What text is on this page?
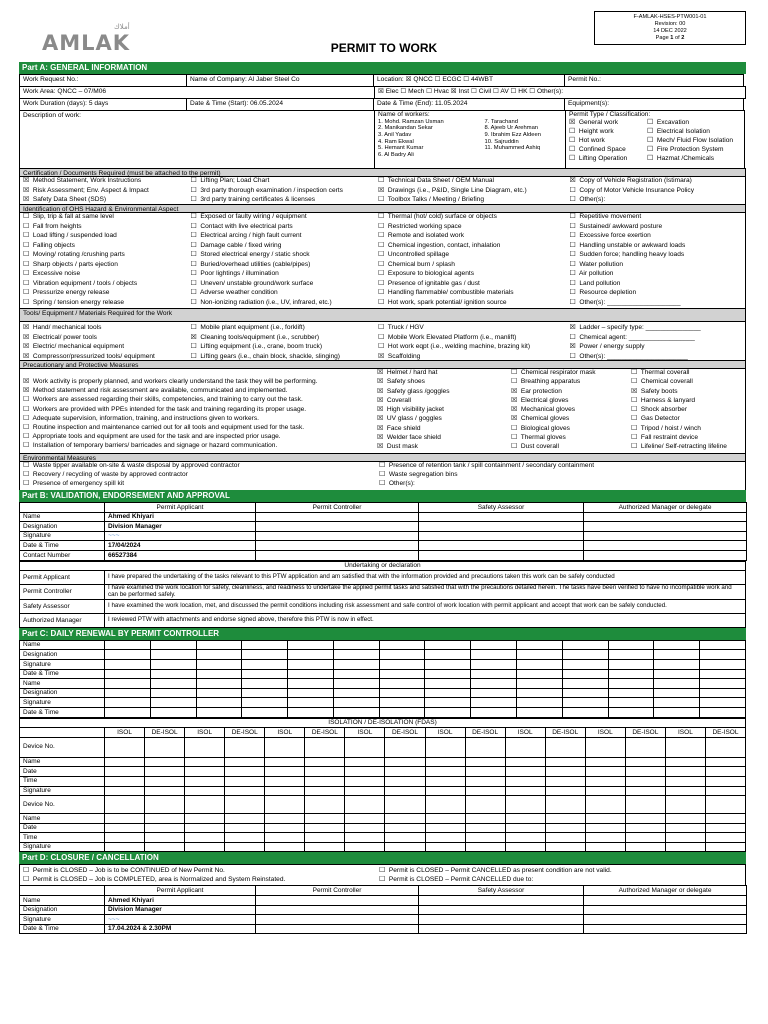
أملاك
AMLAK
F-AMLAK-HSES-PTW001-01
Revision: 00
14 DEC 2022
Page 1 of 2
PERMIT TO WORK
Part A: GENERAL INFORMATION
Work Request No.:	Name of Company: Al Jaber Steel Co	Location: ☒ QNCC ☐ ECGC ☐ 44WBT	Permit No.:
Work Area: QNCC – 07/M06	☒ Elec ☐ Mech ☐ Hvac ☒ Inst ☐ Civil ☐ AV ☐ HK ☐ Other(s):
Work Duration (days): 5 days	Date & Time (Start): 06.05.2024	Date & Time (End): 11.05.2024	Equipment(s):
Description of work:	Name of workers:
1. Mohd. Ramzan Usman
2. Manikandan Sekar
3. Anil Yadav
4. Ram Ekwal
5. Hemant Kumar
6. Al Badry Ali
7. Tarachand
8. Ajeeb Ur Arehman
9. Ibrahim Ezz Aldeen
10. Sajruddin
11. Muhammed Ashiq
Permit Type / Classification:
☒ General work
☐ Height work
☐ Hot work
☐ Confined Space
☐ Lifting Operation
☐ Excavation
☐ Electrical Isolation
☐ Mech/ Fluid Flow Isolation
☐ Fire Protection System
☐ Hazmat /Chemicals
Certification / Documents Required (must be attached to the permit)
☒ Method Statement, Work Instructions
☒ Risk Assessment; Env. Aspect & Impact
☒ Safety Data Sheet (SDS)
☐ Lifting Plan; Load Chart
☐ 3rd party thorough examination / inspection certs
☐ 3rd party training certificates & licenses
☐ Technical Data Sheet / OEM Manual
☒ Drawings (i.e., P&ID, Single Line Diagram, etc.)
☐ Toolbox Talks / Meeting / Briefing
☒ Copy of Vehicle Registration (Istimara)
☐ Copy of Motor Vehicle Insurance Policy
☐ Other(s):
Identification of OHS Hazard & Environmental Aspect
☐ Slip, trip & fall at same level
☐ Fall from heights
☐ Load lifting / suspended load
☐ Falling objects
☐ Moving/ rotating /crushing parts
☐ Sharp objects / parts ejection
☐ Excessive noise
☐ Vibration equipment / tools / objects
☐ Pressurize energy release
☐ Spring / tension energy release
☐ Exposed or faulty wiring / equipment
☐ Contact with live electrical parts
☐ Electrical arcing / high fault current
☐ Damage cable / fixed wiring
☐ Stored electrical energy / static shock
☐ Buried/overhead utilities (cable/pipes)
☐ Poor lightings / illumination
☐ Uneven/ unstable ground/work surface
☐ Adverse weather condition
☐ Non-ionizing radiation (i.e., UV, infrared, etc.)
☐ Thermal (hot/ cold) surface or objects
☐ Restricted working space
☐ Remote and isolated work
☐ Chemical ingestion, contact, inhalation
☐ Uncontrolled spillage
☐ Chemical burn / splash
☐ Exposure to biological agents
☐ Presence of ignitable gas / dust
☐ Handling flammable/ combustible materials
☐ Hot work, spark potential/ ignition source
☐ Repetitive movement
☐ Sustained/ awkward posture
☐ Excessive force exertion
☐ Handling unstable or awkward loads
☐ Sudden force; handling heavy loads
☐ Water pollution
☐ Air pollution
☐ Land pollution
☐ Resource depletion
☐ Other(s): ____________________
Tools/ Equipment / Materials Required for the Work
☒ Hand/ mechanical tools
☒ Electrical/ power tools
☒ Electric/ mechanical equipment
☒ Compressor/pressurized tools/ equipment
☐ Mobile plant equipment (i.e., forklift)
☒ Cleaning tools/equipment (i.e., scrubber)
☐ Lifting equipment (i.e., crane, boom truck)
☐ Lifting gears (i.e., chain block, shackle, slinging)
☐ Truck / HGV
☐ Mobile Work Elevated Platform (i.e., manlift)
☐ Hot work eqpt (i.e., welding machine, brazing kit)
☒ Scaffolding
☒ Ladder – specify type: _______________
☐ Chemical agent: __________________
☒ Power / energy supply
☐ Other(s): ______________________
Precautionary and Protective Measures
☒ Work activity is properly planned, and workers clearly understand the task they will be performing.
☒ Method statement and risk assessment are available, communicated and implemented.
☐ Workers are assessed regarding their skills, competencies, and training to carry out the task.
☐ Workers are provided with PPEs intended for the task and training regarding its proper usage.
☐ Adequate supervision, information, training, and instructions given to workers.
☐ Routine inspection and maintenance carried out for all tools and equipment used for the task.
☐ Appropriate tools and equipment are used for the task and are inspected prior usage.
☐ Installation of temporary barriers/ barricades and signage or hazard communication.
☒ Helmet / hard hat
☒ Safety shoes
☒ Safety glass /goggles
☒ Coverall
☒ High visibility jacket
☒ UV glass / goggles
☒ Face shield
☒ Welder face shield
☒ Dust mask
☐ Chemical respirator mask
☐ Breathing apparatus
☒ Ear protection
☒ Electrical gloves
☒ Mechanical gloves
☒ Chemical gloves
☐ Biological gloves
☐ Thermal gloves
☐ Dust coverall
☐ Thermal coverall
☐ Chemical coverall
☒ Safety boots
☐ Harness & lanyard
☐ Shock absorber
☐ Gas Detector
☐ Tripod / hoist / winch
☐ Fall restraint device
☐ Lifeline/ Self-retracting lifeline
Environmental Measures
☐ Waste tipper available on-site & waste disposal by approved contractor
☐ Recovery / recycling of waste by approved contractor
☐ Presence of emergency spill kit
☐ Presence of retention tank / spill containment / secondary containment
☐ Waste segregation bins
☐ Other(s):
Part B: VALIDATION, ENDORSEMENT AND APPROVAL
	Permit Applicant	Permit Controller	Safety Assessor	Authorized Manager or delegate
Name	Ahmed Khiyari			
Designation	Division Manager			
Signature	~~~			
Date & Time	17/04/2024			
Contact Number	66527384			
Undertaking or declaration	
Permit Applicant	I have prepared the undertaking of the tasks relevant to this PTW application and am satisfied that with the information provided and precautions taken this work can be safely conducted
Permit Controller	I have examined the work location for safety, cleanliness, and readiness to undertake the applied permit tasks and satisfied that with the precautions detailed herein. The tasks have been verified to have no incompatible work and can be performed safely.
Safety Assessor	I have examined the work location, met, and discussed the permit conditions including risk assessment and safe control of work location with permit applicant and accept that work can be safely conducted.
Authorized Manager	I reviewed PTW with attachments and endorse signed above, therefore this PTW is now in effect.
Part C: DAILY RENEWAL BY PERMIT CONTROLLER
Name														
Designation														
Signature														
Date & Time														
Name														
Designation														
Signature														
Date & Time														
ISOLATION / DE-ISOLATION (FDAS)																
	ISOL	DE-ISOL	ISOL	DE-ISOL	ISOL	DE-ISOL	ISOL	DE-ISOL	ISOL	DE-ISOL	ISOL	DE-ISOL	ISOL	DE-ISOL	ISOL	DE-ISOL
Device No.																
Name																
Date																
Time																
Signature																
Device No.																
Name																
Date																
Time																
Signature																
Part D: CLOSURE / CANCELLATION
☐ Permit is CLOSED – Job is to be CONTINUED of New Permit No.
☐ Permit is CLOSED – Job is COMPLETED, area is Normalized and System Reinstated.
☐ Permit is CLOSED – Permit CANCELLED as present condition are not valid.
☐ Permit is CLOSED – Permit CANCELLED due to:
	Permit Applicant	Permit Controller	Safety Assessor	Authorized Manager or delegate
Name	Ahmed Khiyari			
Designation	Division Manager			
Signature	~~~			
Date & Time	17.04.2024 & 2.30PM			
